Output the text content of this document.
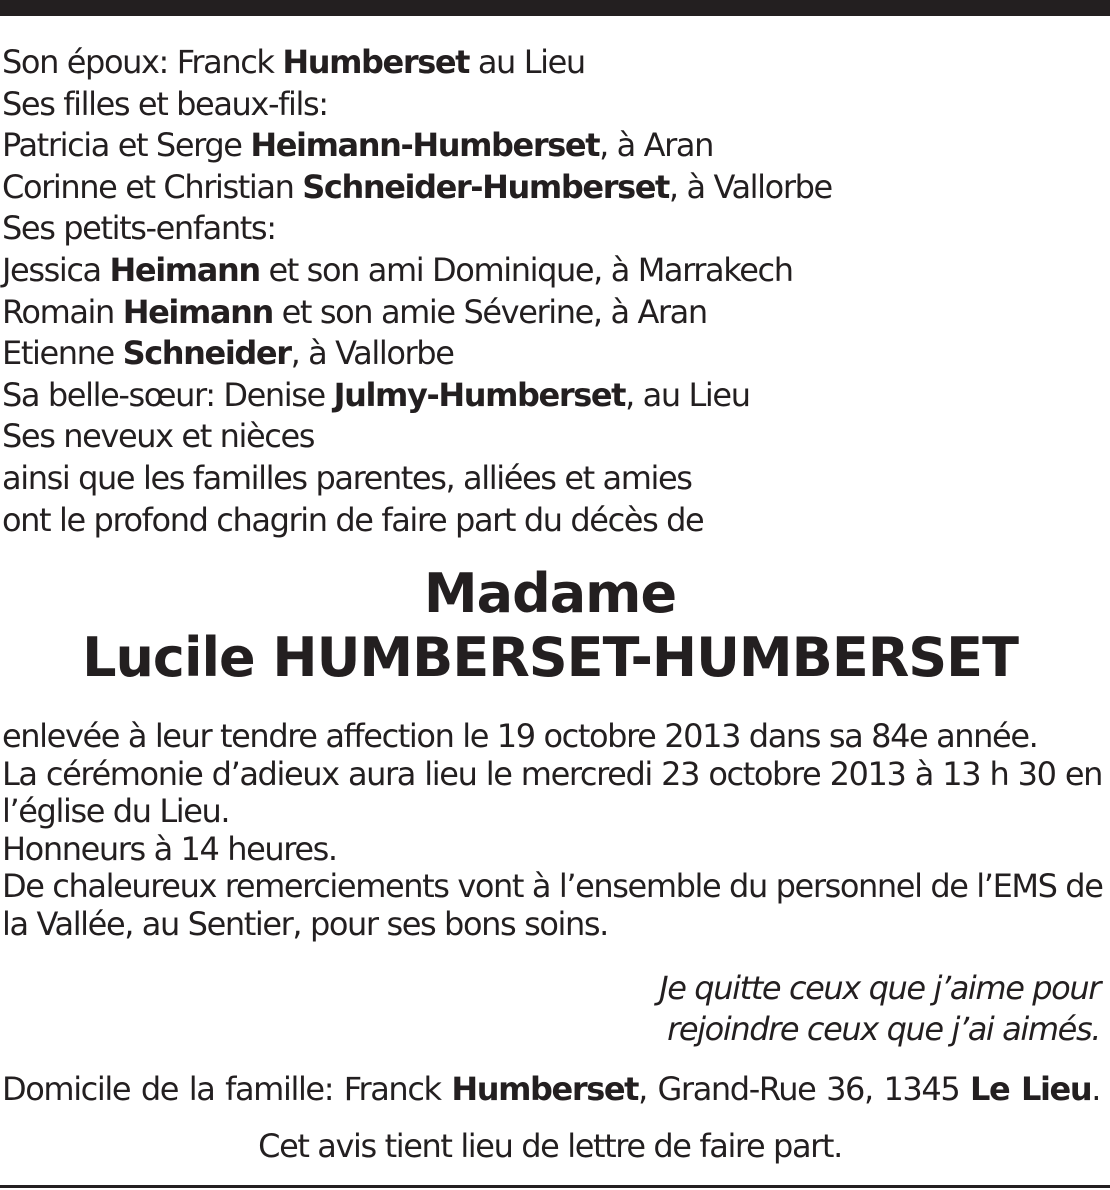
Son époux: Franck Humberset au Lieu
Ses filles et beaux-fils:
Patricia et Serge Heimann-Humberset, à Aran
Corinne et Christian Schneider-Humberset, à Vallorbe
Ses petits-enfants:
Jessica Heimann et son ami Dominique, à Marrakech
Romain Heimann et son amie Séverine, à Aran
Etienne Schneider, à Vallorbe
Sa belle-sœur: Denise Julmy-Humberset, au Lieu
Ses neveux et nièces
ainsi que les familles parentes, alliées et amies
ont le profond chagrin de faire part du décès de
Madame
Lucile HUMBERSET-HUMBERSET
enlevée à leur tendre affection le 19 octobre 2013 dans sa 84e année.
La cérémonie d’adieux aura lieu le mercredi 23 octobre 2013 à 13 h 30 en
l’église du Lieu.
Honneurs à 14 heures.
De chaleureux remerciements vont à l’ensemble du personnel de l’EMS de
la Vallée, au Sentier, pour ses bons soins.
Je quitte ceux que j’aime pour
rejoindre ceux que j’ai aimés.
Domicile de la famille: Franck Humberset, Grand-Rue 36, 1345 Le Lieu.
Cet avis tient lieu de lettre de faire part.
